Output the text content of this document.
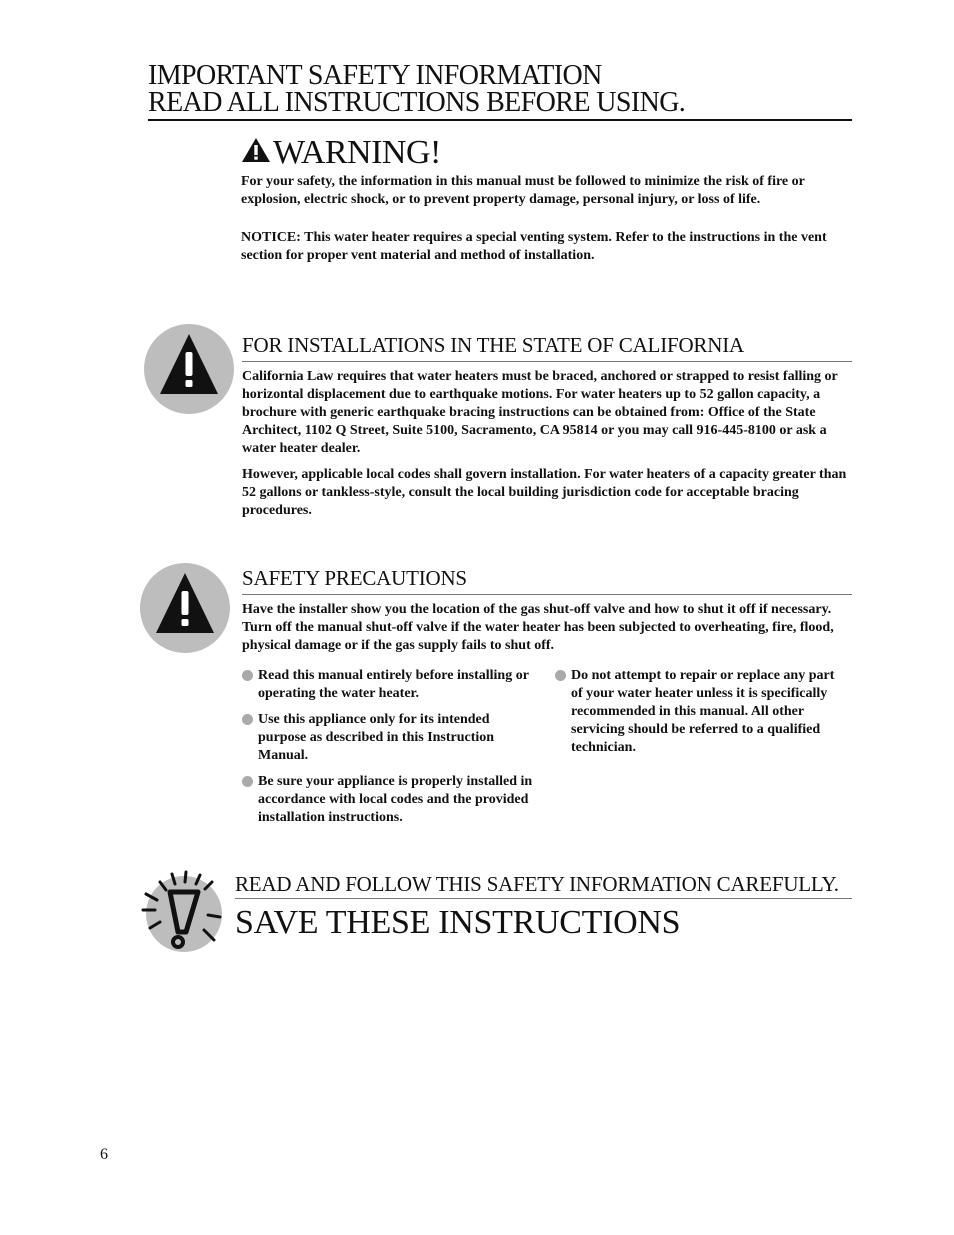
IMPORTANT SAFETY INFORMATION
READ ALL INSTRUCTIONS BEFORE USING.
WARNING!

For your safety, the information in this manual must be followed to minimize the risk of fire or explosion, electric shock, or to prevent property damage, personal injury, or loss of life.

NOTICE: This water heater requires a special venting system. Refer to the instructions in the vent section for proper vent material and method of installation.

FOR INSTALLATIONS IN THE STATE OF CALIFORNIA

California Law requires that water heaters must be braced, anchored or strapped to resist falling or horizontal displacement due to earthquake motions. For water heaters up to 52 gallon capacity, a brochure with generic earthquake bracing instructions can be obtained from: Office of the State Architect, 1102 Q Street, Suite 5100, Sacramento, CA 95814 or you may call 916-445-8100 or ask a water heater dealer.

However, applicable local codes shall govern installation. For water heaters of a capacity greater than 52 gallons or tankless-style, consult the local building jurisdiction code for acceptable bracing procedures.

SAFETY PRECAUTIONS

Have the installer show you the location of the gas shut-off valve and how to shut it off if necessary. Turn off the manual shut-off valve if the water heater has been subjected to overheating, fire, flood, physical damage or if the gas supply fails to shut off.

Read this manual entirely before installing or operating the water heater.
Use this appliance only for its intended purpose as described in this Instruction Manual.
Be sure your appliance is properly installed in accordance with local codes and the provided installation instructions.
Do not attempt to repair or replace any part of your water heater unless it is specifically recommended in this manual. All other servicing should be referred to a qualified technician.
READ AND FOLLOW THIS SAFETY INFORMATION CAREFULLY.
SAVE THESE INSTRUCTIONS
6
